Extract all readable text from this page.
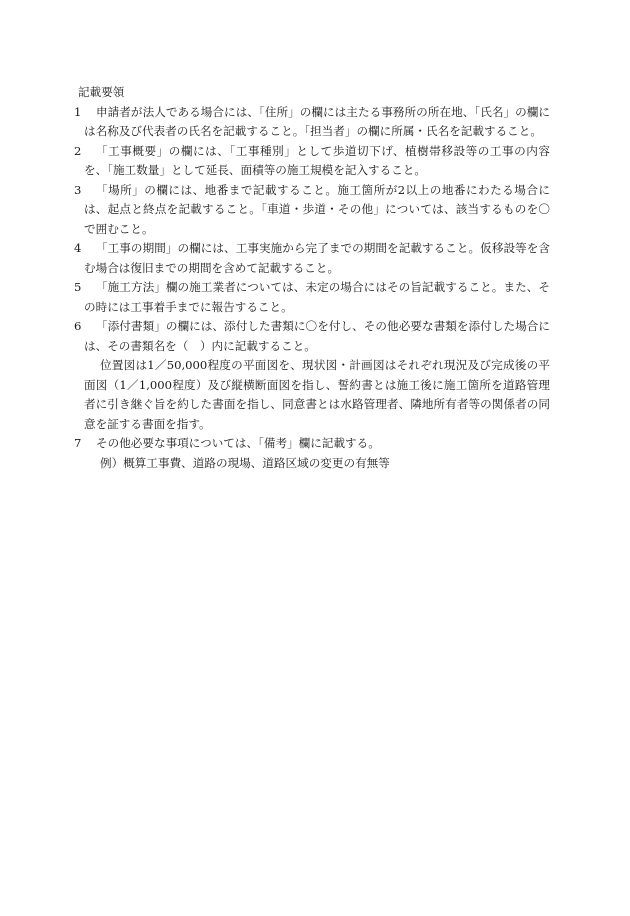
記載要領

1	申請者が法人である場合には、「住所」の欄には主たる事務所の所在地、「氏名」の欄には名称及び代表者の氏名を記載すること。「担当者」の欄に所属・氏名を記載すること。
2	「工事概要」の欄には、「工事種別」として歩道切下げ、植樹帯移設等の工事の内容を、「施工数量」として延長、面積等の施工規模を記入すること。
3	「場所」の欄には、地番まで記載すること。施工箇所が2以上の地番にわたる場合には、起点と終点を記載すること。「車道・歩道・その他」については、該当するものを〇で囲むこと。
4	「工事の期間」の欄には、工事実施から完了までの期間を記載すること。仮移設等を含む場合は復旧までの期間を含めて記載すること。
5	「施工方法」欄の施工業者については、未定の場合にはその旨記載すること。また、その時には工事着手までに報告すること。
6	「添付書類」の欄には、添付した書類に〇を付し、その他必要な書類を添付した場合には、その書類名を（　）内に記載すること。

位置図は1／50,000程度の平面図を、現状図・計画図はそれぞれ現況及び完成後の平面図（1／1,000程度）及び縦横断面図を指し、誓約書とは施工後に施工箇所を道路管理者に引き継ぐ旨を約した書面を指し、同意書とは水路管理者、隣地所有者等の関係者の同意を証する書面を指す。

7	その他必要な事項については、「備考」欄に記載する。

例）概算工事費、道路の現場、道路区域の変更の有無等
